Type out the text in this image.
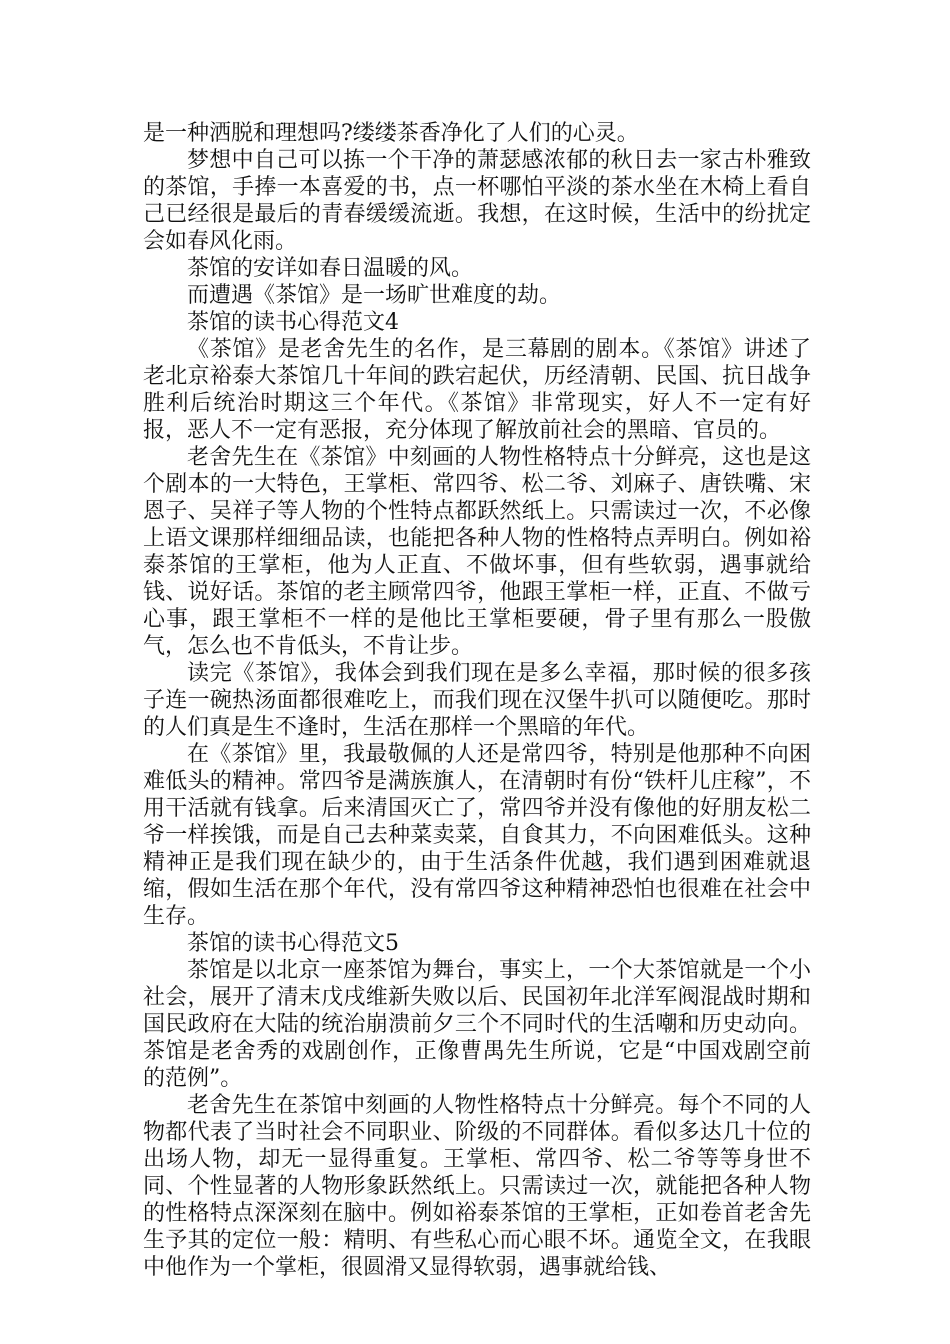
是一种洒脱和理想吗?缕缕茶香净化了人们的心灵。

梦想中自己可以拣一个干净的萧瑟感浓郁的秋日去一家古朴雅致的茶馆，手捧一本喜爱的书，点一杯哪怕平淡的茶水坐在木椅上看自己已经很是最后的青春缓缓流逝。我想，在这时候，生活中的纷扰定会如春风化雨。

茶馆的安详如春日温暖的风。

而遭遇《茶馆》是一场旷世难度的劫。

茶馆的读书心得范文4

《茶馆》是老舍先生的名作，是三幕剧的剧本。《茶馆》讲述了老北京裕泰大茶馆几十年间的跌宕起伏，历经清朝、民国、抗日战争胜利后统治时期这三个年代。《茶馆》非常现实，好人不一定有好报，恶人不一定有恶报，充分体现了解放前社会的黑暗、官员的。

老舍先生在《茶馆》中刻画的人物性格特点十分鲜亮，这也是这个剧本的一大特色，王掌柜、常四爷、松二爷、刘麻子、唐铁嘴、宋恩子、吴祥子等人物的个性特点都跃然纸上。只需读过一次，不必像上语文课那样细细品读，也能把各种人物的性格特点弄明白。例如裕泰茶馆的王掌柜，他为人正直、不做坏事，但有些软弱，遇事就给钱、说好话。茶馆的老主顾常四爷，他跟王掌柜一样，正直、不做亏心事，跟王掌柜不一样的是他比王掌柜要硬，骨子里有那么一股傲气，怎么也不肯低头，不肯让步。

读完《茶馆》，我体会到我们现在是多么幸福，那时候的很多孩子连一碗热汤面都很难吃上，而我们现在汉堡牛扒可以随便吃。那时的人们真是生不逢时，生活在那样一个黑暗的年代。

在《茶馆》里，我最敬佩的人还是常四爷，特别是他那种不向困难低头的精神。常四爷是满族旗人，在清朝时有份“铁杆儿庄稼”，不用干活就有钱拿。后来清国灭亡了，常四爷并没有像他的好朋友松二爷一样挨饿，而是自己去种菜卖菜，自食其力，不向困难低头。这种精神正是我们现在缺少的，由于生活条件优越，我们遇到困难就退缩，假如生活在那个年代，没有常四爷这种精神恐怕也很难在社会中生存。

茶馆的读书心得范文5

茶馆是以北京一座茶馆为舞台，事实上，一个大茶馆就是一个小社会，展开了清末戊戌维新失败以后、民国初年北洋军阀混战时期和国民政府在大陆的统治崩溃前夕三个不同时代的生活嘲和历史动向。茶馆是老舍秀的戏剧创作，正像曹禺先生所说，它是“中国戏剧空前的范例”。

老舍先生在茶馆中刻画的人物性格特点十分鲜亮。每个不同的人物都代表了当时社会不同职业、阶级的不同群体。看似多达几十位的出场人物，却无一显得重复。王掌柜、常四爷、松二爷等等身世不同、个性显著的人物形象跃然纸上。只需读过一次，就能把各种人物的性格特点深深刻在脑中。例如裕泰茶馆的王掌柜，正如卷首老舍先生予其的定位一般：精明、有些私心而心眼不坏。通览全文，在我眼中他作为一个掌柜，很圆滑又显得软弱，遇事就给钱、
